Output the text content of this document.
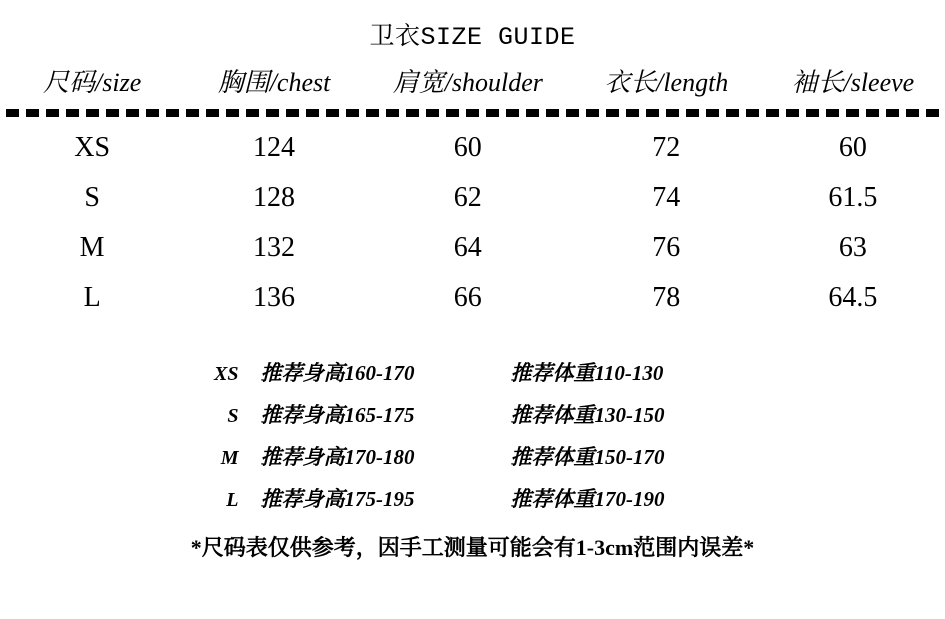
卫衣SIZE GUIDE
尺码/size	胸围/chest	肩宽/shoulder	衣长/length	袖长/sleeve
XS	124	60	72	60
S	128	62	74	61.5
M	132	64	76	63
L	136	66	78	64.5
XS	推荐身高160-170	推荐体重110-130
S	推荐身高165-175	推荐体重130-150
M	推荐身高170-180	推荐体重150-170
L	推荐身高175-195	推荐体重170-190
*尺码表仅供参考，因手工测量可能会有1-3cm范围内误差*
